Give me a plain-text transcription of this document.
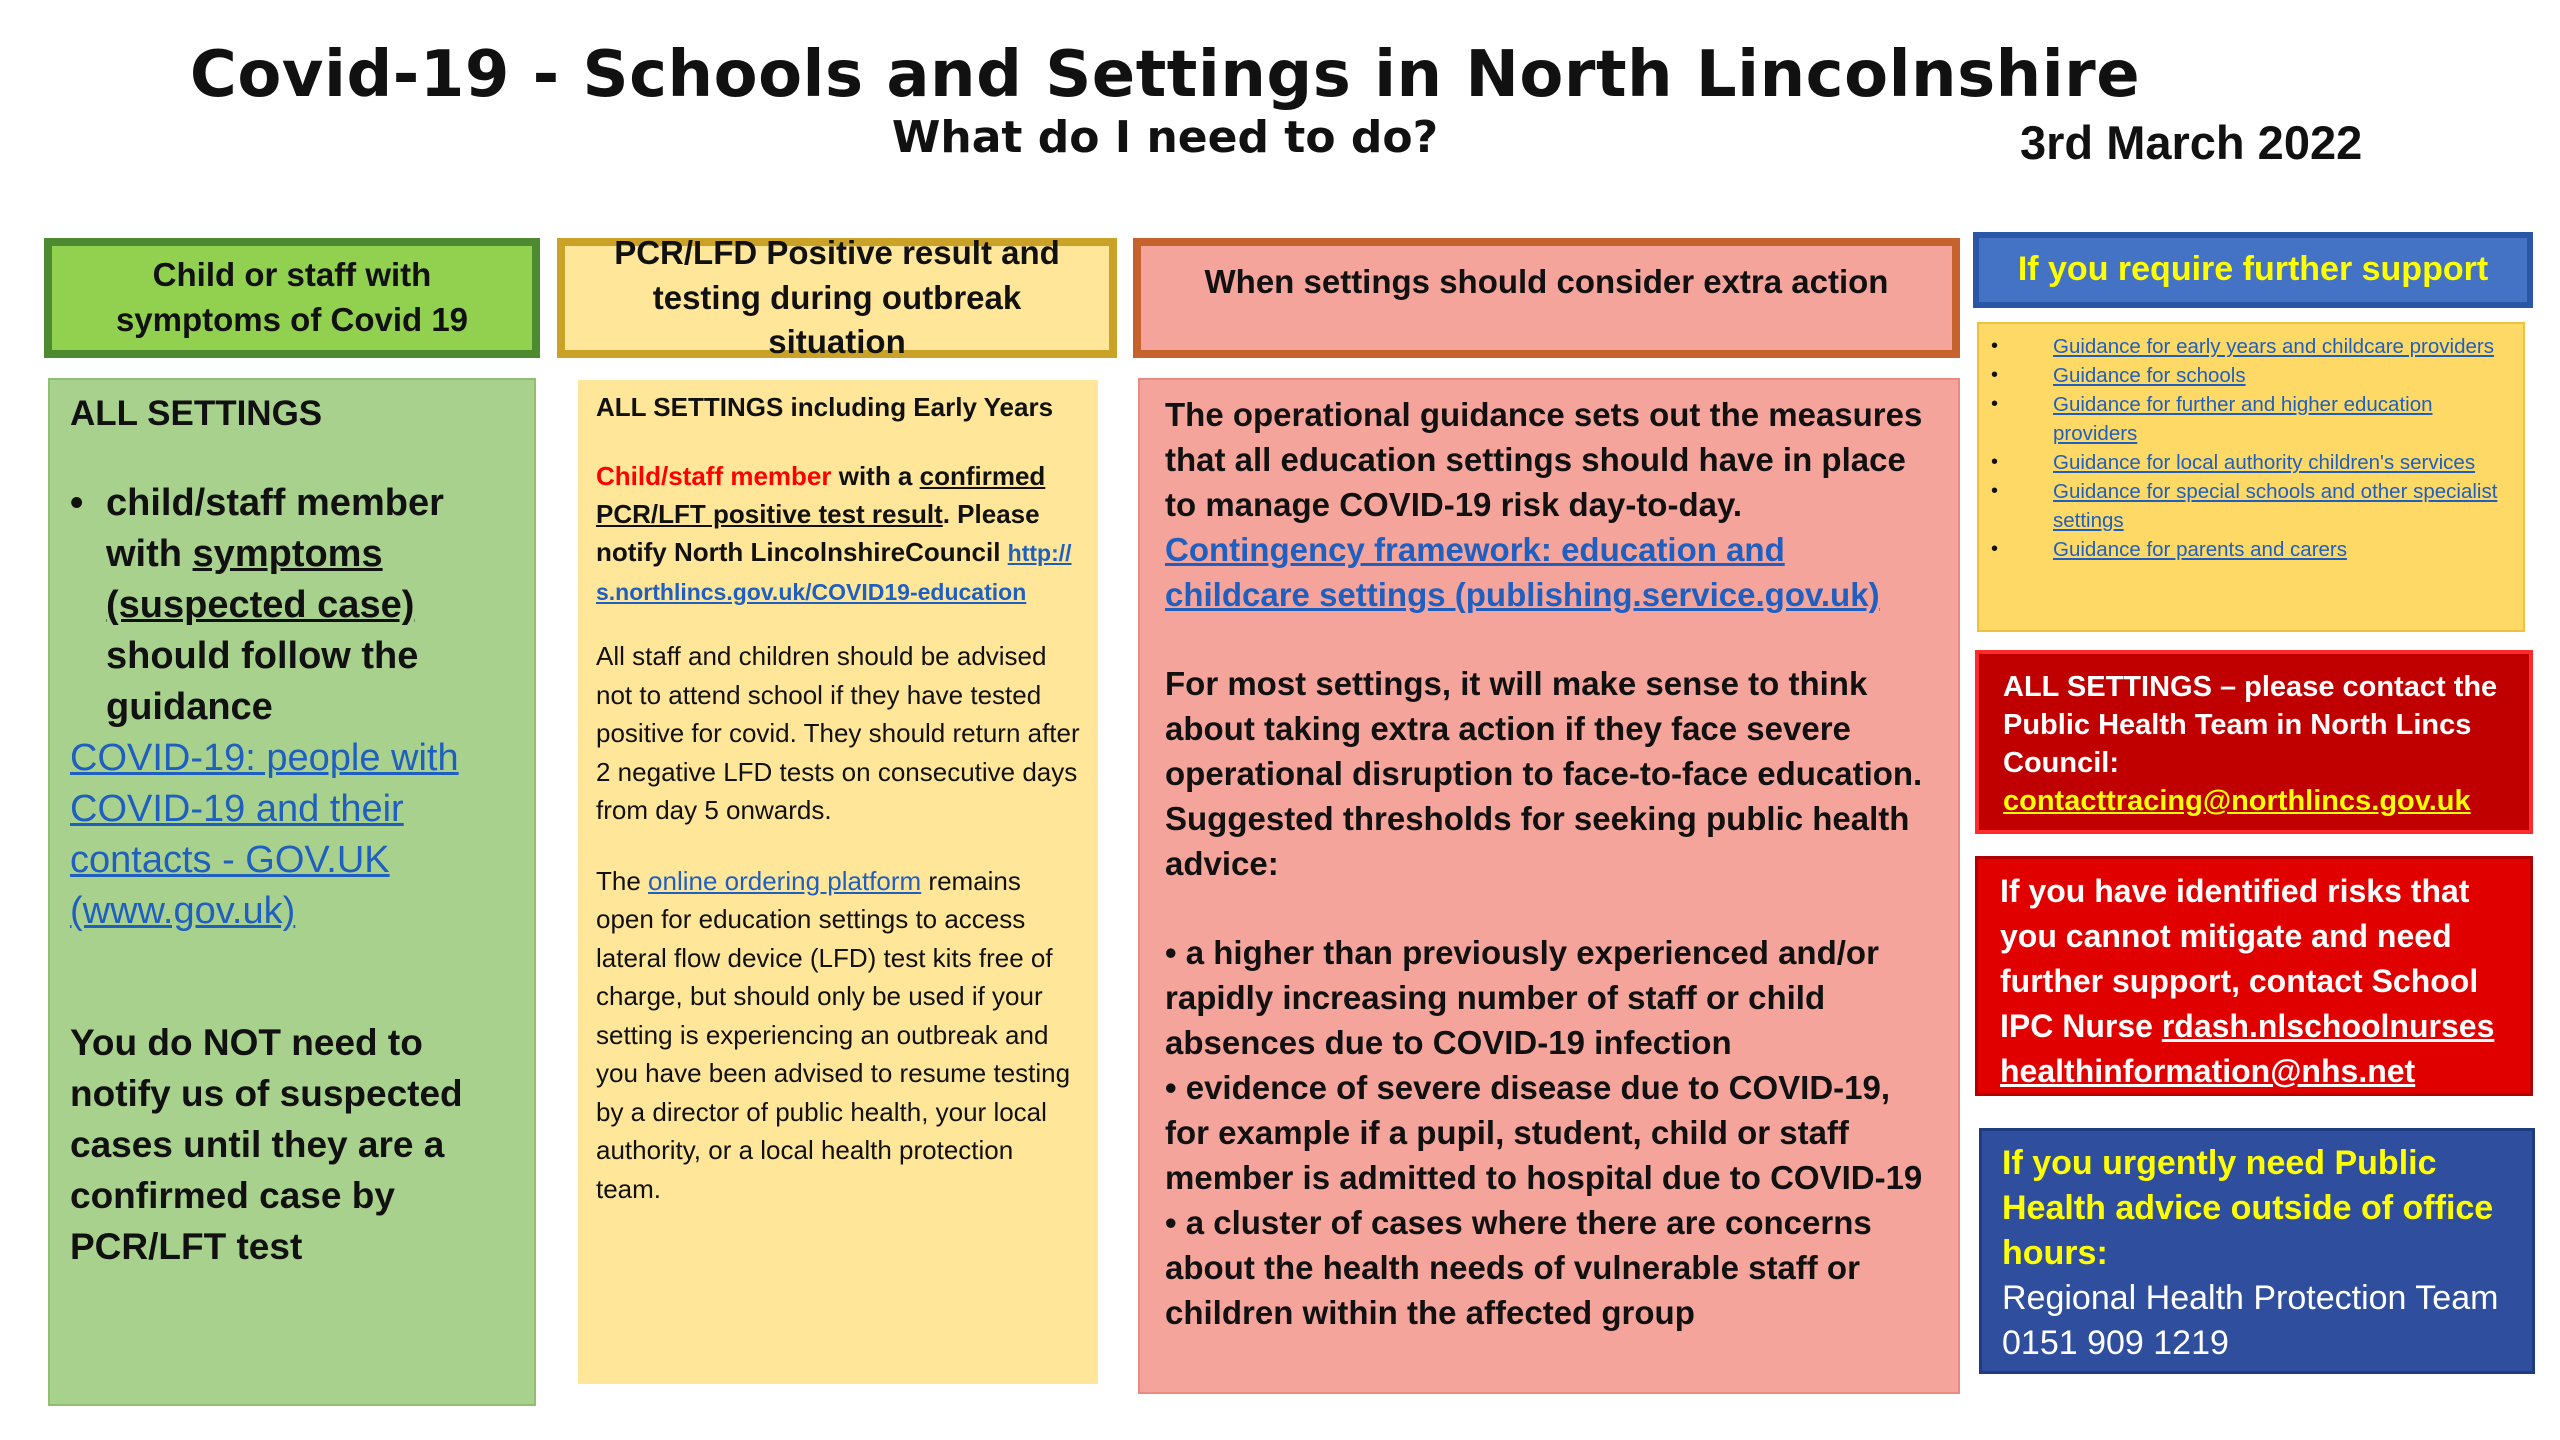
Covid-19 - Schools and Settings in North Lincolnshire
What do I need to do?	3rd March 2022
Child or staff with symptoms of Covid 19
PCR/LFD Positive result and testing during outbreak situation
When settings should consider extra action	If you require further support
ALL SETTINGS
• child/staff member with symptoms (suspected case) should follow the guidance
COVID-19: people with COVID-19 and their contacts - GOV.UK (www.gov.uk)
You do NOT need to notify us of suspected cases until they are a confirmed case by PCR/LFT test
ALL SETTINGS including Early Years
Child/staff member with a confirmed PCR/LFT positive test result. Please notify North LincolnshireCouncil http://s.northlincs.gov.uk/COVID19-education
All staff and children should be advised not to attend school if they have tested positive for covid. They should return after 2 negative LFD tests on consecutive days from day 5 onwards.
The online ordering platform remains open for education settings to access lateral flow device (LFD) test kits free of charge, but should only be used if your setting is experiencing an outbreak and you have been advised to resume testing by a director of public health, your local authority, or a local health protection team.
The operational guidance sets out the measures that all education settings should have in place to manage COVID-19 risk day-to-day. Contingency framework: education and childcare settings (publishing.service.gov.uk)
For most settings, it will make sense to think about taking extra action if they face severe operational disruption to face-to-face education. Suggested thresholds for seeking public health advice:
• a higher than previously experienced and/or rapidly increasing number of staff or child absences due to COVID-19 infection
• evidence of severe disease due to COVID-19, for example if a pupil, student, child or staff member is admitted to hospital due to COVID-19
• a cluster of cases where there are concerns about the health needs of vulnerable staff or children within the affected group
•	Guidance for early years and childcare providers
•	Guidance for schools
•	Guidance for further and higher education providers
•	Guidance for local authority children's services
•	Guidance for special schools and other specialist settings
•	Guidance for parents and carers
ALL SETTINGS – please contact the Public Health Team in North Lincs Council:
contacttracing@northlincs.gov.uk
If you have identified risks that you cannot mitigate and need further support, contact School IPC Nurse rdash.nlschoolnurseshealthinformation@nhs.net
If you urgently need Public Health advice outside of office hours:
Regional Health Protection Team
0151 909 1219
